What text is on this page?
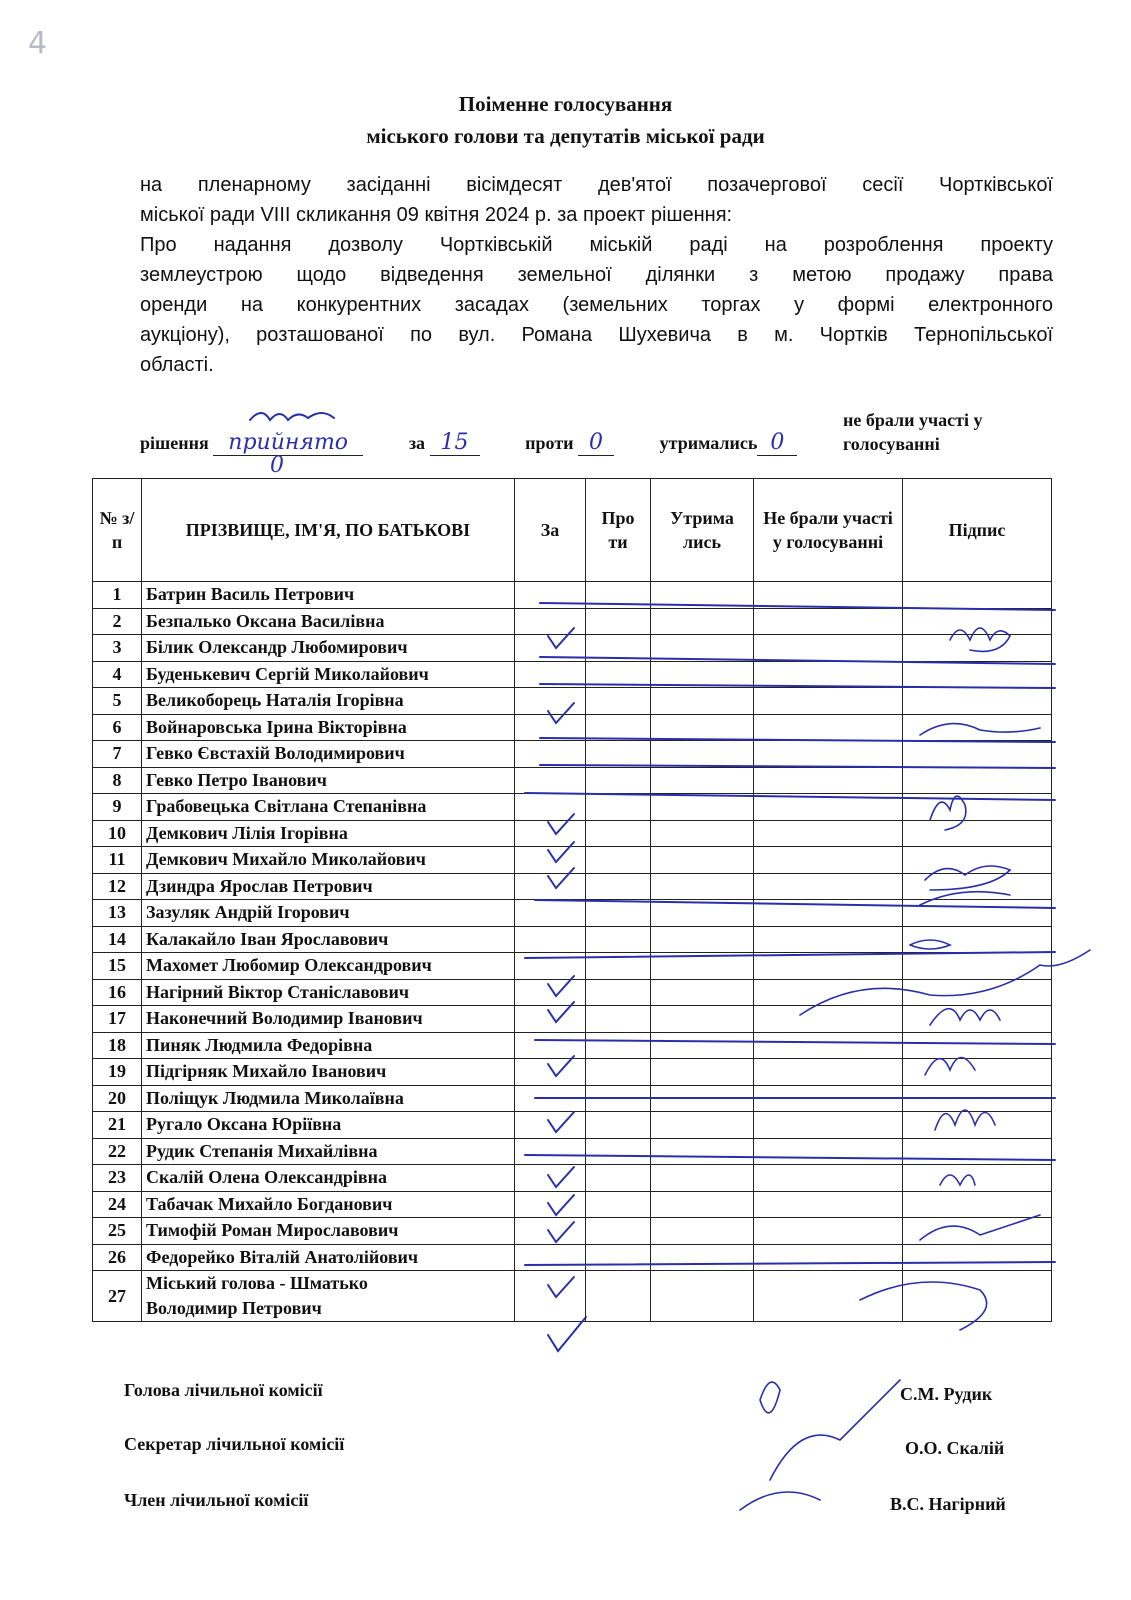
4
Поіменне голосування
міського голови та депутатів міської ради

на пленарному засіданні вісімдесят дев'ятої позачергової сесії Чортківської

міської ради VIII скликання 09 квітня 2024 р. за проект рішення:

Про надання дозволу Чортківській міській раді на розроблення проекту

землеустрою щодо відведення земельної ділянки з метою продажу права

оренди на конкурентних засадах (земельних торгах у формі електронного

аукціону), розташованої по вул. Романа Шухевича в м. Чортків Тернопільської

області.

рішення прийнято	за 15	проти 0	утримались 0
не брали участі у голосуванні
0
№ з/п	ПРІЗВИЩЕ, ІМ'Я, ПО БАТЬКОВІ	За	Про ти	Утрима лись	Не брали участі у голосуванні	Підпис
1	Батрин Василь Петрович					
2	Безпалько Оксана Василівна					
3	Білик Олександр Любомирович					
4	Буденькевич Сергій Миколайович					
5	Великоборець Наталія Ігорівна					
6	Войнаровська Ірина Вікторівна					
7	Гевко Євстахій Володимирович					
8	Гевко Петро Іванович					
9	Грабовецька Світлана Степанівна					
10	Демкович Лілія Ігорівна					
11	Демкович Михайло Миколайович					
12	Дзиндра Ярослав Петрович					
13	Зазуляк Андрій Ігорович					
14	Калакайло Іван Ярославович					
15	Махомет Любомир Олександрович					
16	Нагірний Віктор Станіславович					
17	Наконечний Володимир Іванович					
18	Пиняк Людмила Федорівна					
19	Підгірняк Михайло Іванович					
20	Поліщук Людмила Миколаївна					
21	Ругало Оксана Юріївна					
22	Рудик Степанія Михайлівна					
23	Скалій Олена Олександрівна					
24	Табачак Михайло Богданович					
25	Тимофій Роман Мирославович					
26	Федорейко Віталій Анатолійович					
27	Міський голова - Шматько
Володимир Петрович					

Голова лічильної комісії	С.М. Рудик
Секретар лічильної комісії	О.О. Скалій
Член лічильної комісії	В.С. Нагірний
